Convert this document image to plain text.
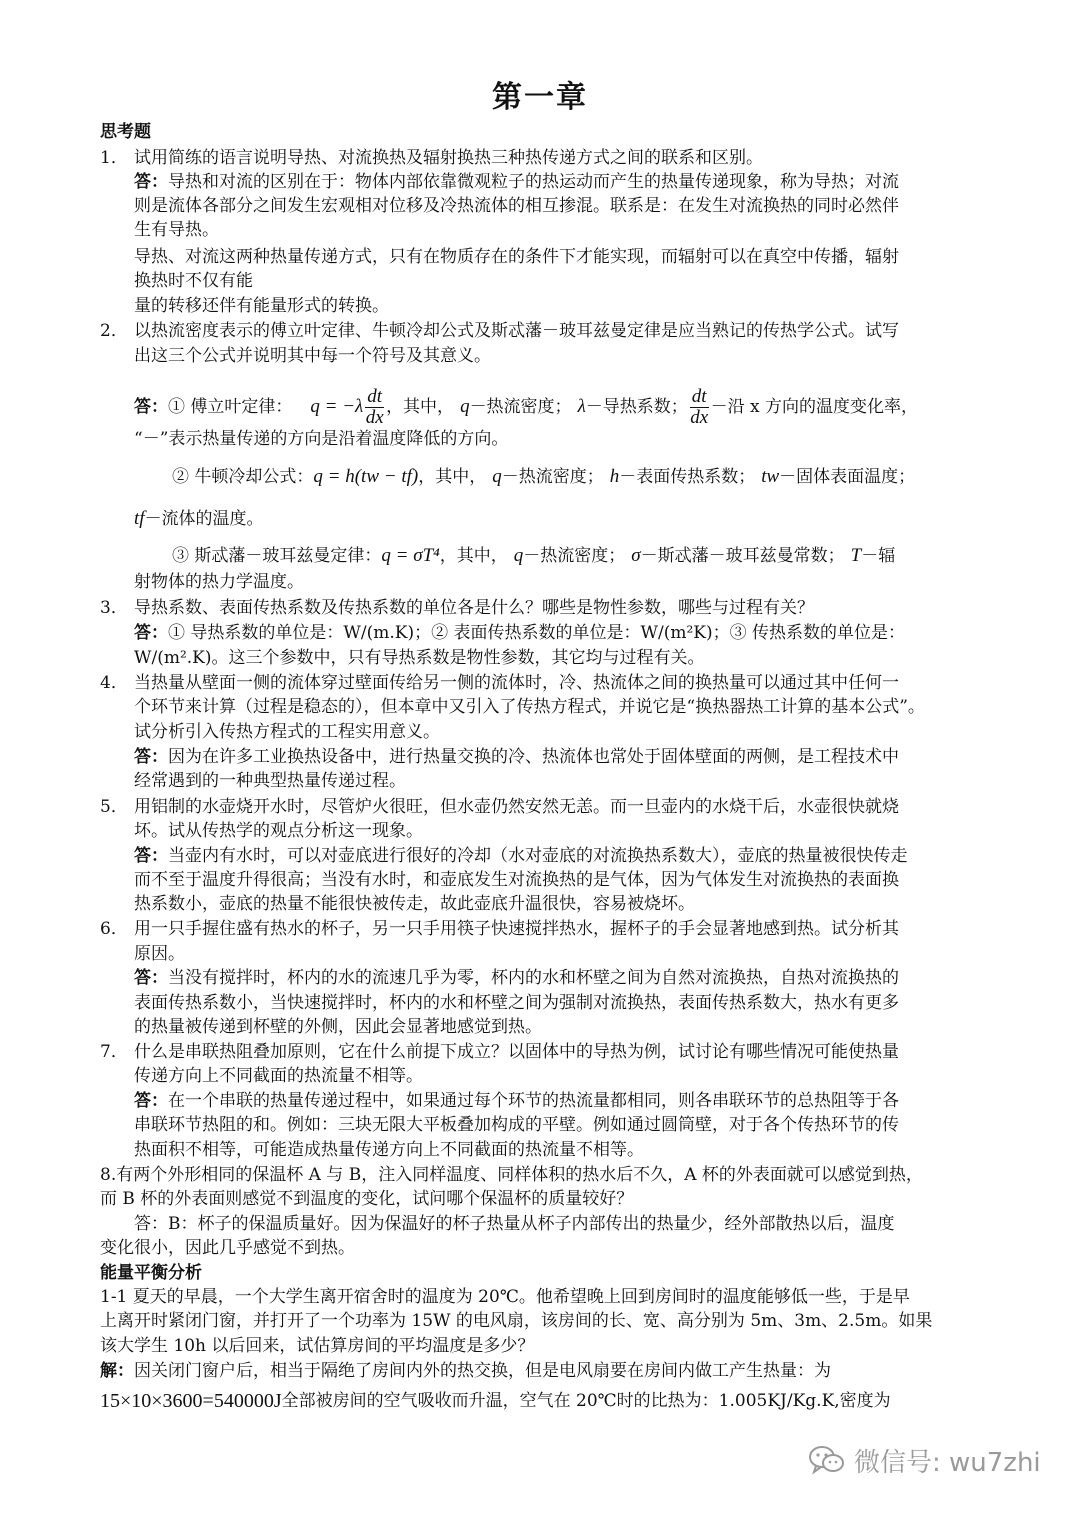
第一章
思考题
1． 试用简练的语言说明导热、对流换热及辐射换热三种热传递方式之间的联系和区别。
答：导热和对流的区别在于：物体内部依靠微观粒子的热运动而产生的热量传递现象，称为导热；对流
则是流体各部分之间发生宏观相对位移及冷热流体的相互掺混。联系是：在发生对流换热的同时必然伴
生有导热。
导热、对流这两种热量传递方式，只有在物质存在的条件下才能实现，而辐射可以在真空中传播，辐射
换热时不仅有能
量的转移还伴有能量形式的转换。
2． 以热流密度表示的傅立叶定律、牛顿冷却公式及斯忒藩－玻耳兹曼定律是应当熟记的传热学公式。试写
出这三个公式并说明其中每一个符号及其意义。
答： ① 傅立叶定律： $q = -\lambda \frac{dt}{dx}$ ，其中， q －热流密度； λ －导热系数； $\frac{dt}{dx}$ －沿 x 方向的温度变化率，
“－”表示热量传递的方向是沿着温度降低的方向。
② 牛顿冷却公式： q = h(tw − tf) ，其中， q －热流密度； h －表面传热系数； tw －固体表面温度；
tf －流体的温度。
③ 斯忒藩－玻耳兹曼定律： q = σT⁴ ，其中， q －热流密度； σ －斯忒藩－玻耳兹曼常数； T －辐
射物体的热力学温度。
3． 导热系数、表面传热系数及传热系数的单位各是什么？哪些是物性参数，哪些与过程有关？
答：① 导热系数的单位是：W/(m.K)；② 表面传热系数的单位是：W/(m²K)；③ 传热系数的单位是：
W/(m².K)。这三个参数中，只有导热系数是物性参数，其它均与过程有关。
4． 当热量从壁面一侧的流体穿过壁面传给另一侧的流体时，冷、热流体之间的换热量可以通过其中任何一
个环节来计算（过程是稳态的），但本章中又引入了传热方程式，并说它是“换热器热工计算的基本公式”。
试分析引入传热方程式的工程实用意义。
答：因为在许多工业换热设备中，进行热量交换的冷、热流体也常处于固体壁面的两侧，是工程技术中
经常遇到的一种典型热量传递过程。
5． 用铝制的水壶烧开水时，尽管炉火很旺，但水壶仍然安然无恙。而一旦壶内的水烧干后，水壶很快就烧
坏。试从传热学的观点分析这一现象。
答：当壶内有水时，可以对壶底进行很好的冷却（水对壶底的对流换热系数大），壶底的热量被很快传走
而不至于温度升得很高；当没有水时，和壶底发生对流换热的是气体，因为气体发生对流换热的表面换
热系数小，壶底的热量不能很快被传走，故此壶底升温很快，容易被烧坏。
6． 用一只手握住盛有热水的杯子，另一只手用筷子快速搅拌热水，握杯子的手会显著地感到热。试分析其
原因。
答：当没有搅拌时，杯内的水的流速几乎为零，杯内的水和杯壁之间为自然对流换热，自热对流换热的
表面传热系数小，当快速搅拌时，杯内的水和杯壁之间为强制对流换热，表面传热系数大，热水有更多
的热量被传递到杯壁的外侧，因此会显著地感觉到热。
7． 什么是串联热阻叠加原则，它在什么前提下成立？以固体中的导热为例，试讨论有哪些情况可能使热量
传递方向上不同截面的热流量不相等。
答：在一个串联的热量传递过程中，如果通过每个环节的热流量都相同，则各串联环节的总热阻等于各
串联环节热阻的和。例如：三块无限大平板叠加构成的平壁。例如通过圆筒壁，对于各个传热环节的传
热面积不相等，可能造成热量传递方向上不同截面的热流量不相等。
8.有两个外形相同的保温杯 A 与 B，注入同样温度、同样体积的热水后不久，A 杯的外表面就可以感觉到热，
而 B 杯的外表面则感觉不到温度的变化，试问哪个保温杯的质量较好？
答：B：杯子的保温质量好。因为保温好的杯子热量从杯子内部传出的热量少，经外部散热以后，温度
变化很小，因此几乎感觉不到热。
能量平衡分析
1-1 夏天的早晨，一个大学生离开宿舍时的温度为 20℃。他希望晚上回到房间时的温度能够低一些，于是早
上离开时紧闭门窗，并打开了一个功率为 15W 的电风扇，该房间的长、宽、高分别为 5m、3m、2.5m。如果
该大学生 10h 以后回来，试估算房间的平均温度是多少？
解：因关闭门窗户后，相当于隔绝了房间内外的热交换，但是电风扇要在房间内做工产生热量：为
15×10×3600=540000J 全部被房间的空气吸收而升温，空气在 20℃时的比热为：1.005KJ/Kg.K,密度为
微信号: wu7zhi
